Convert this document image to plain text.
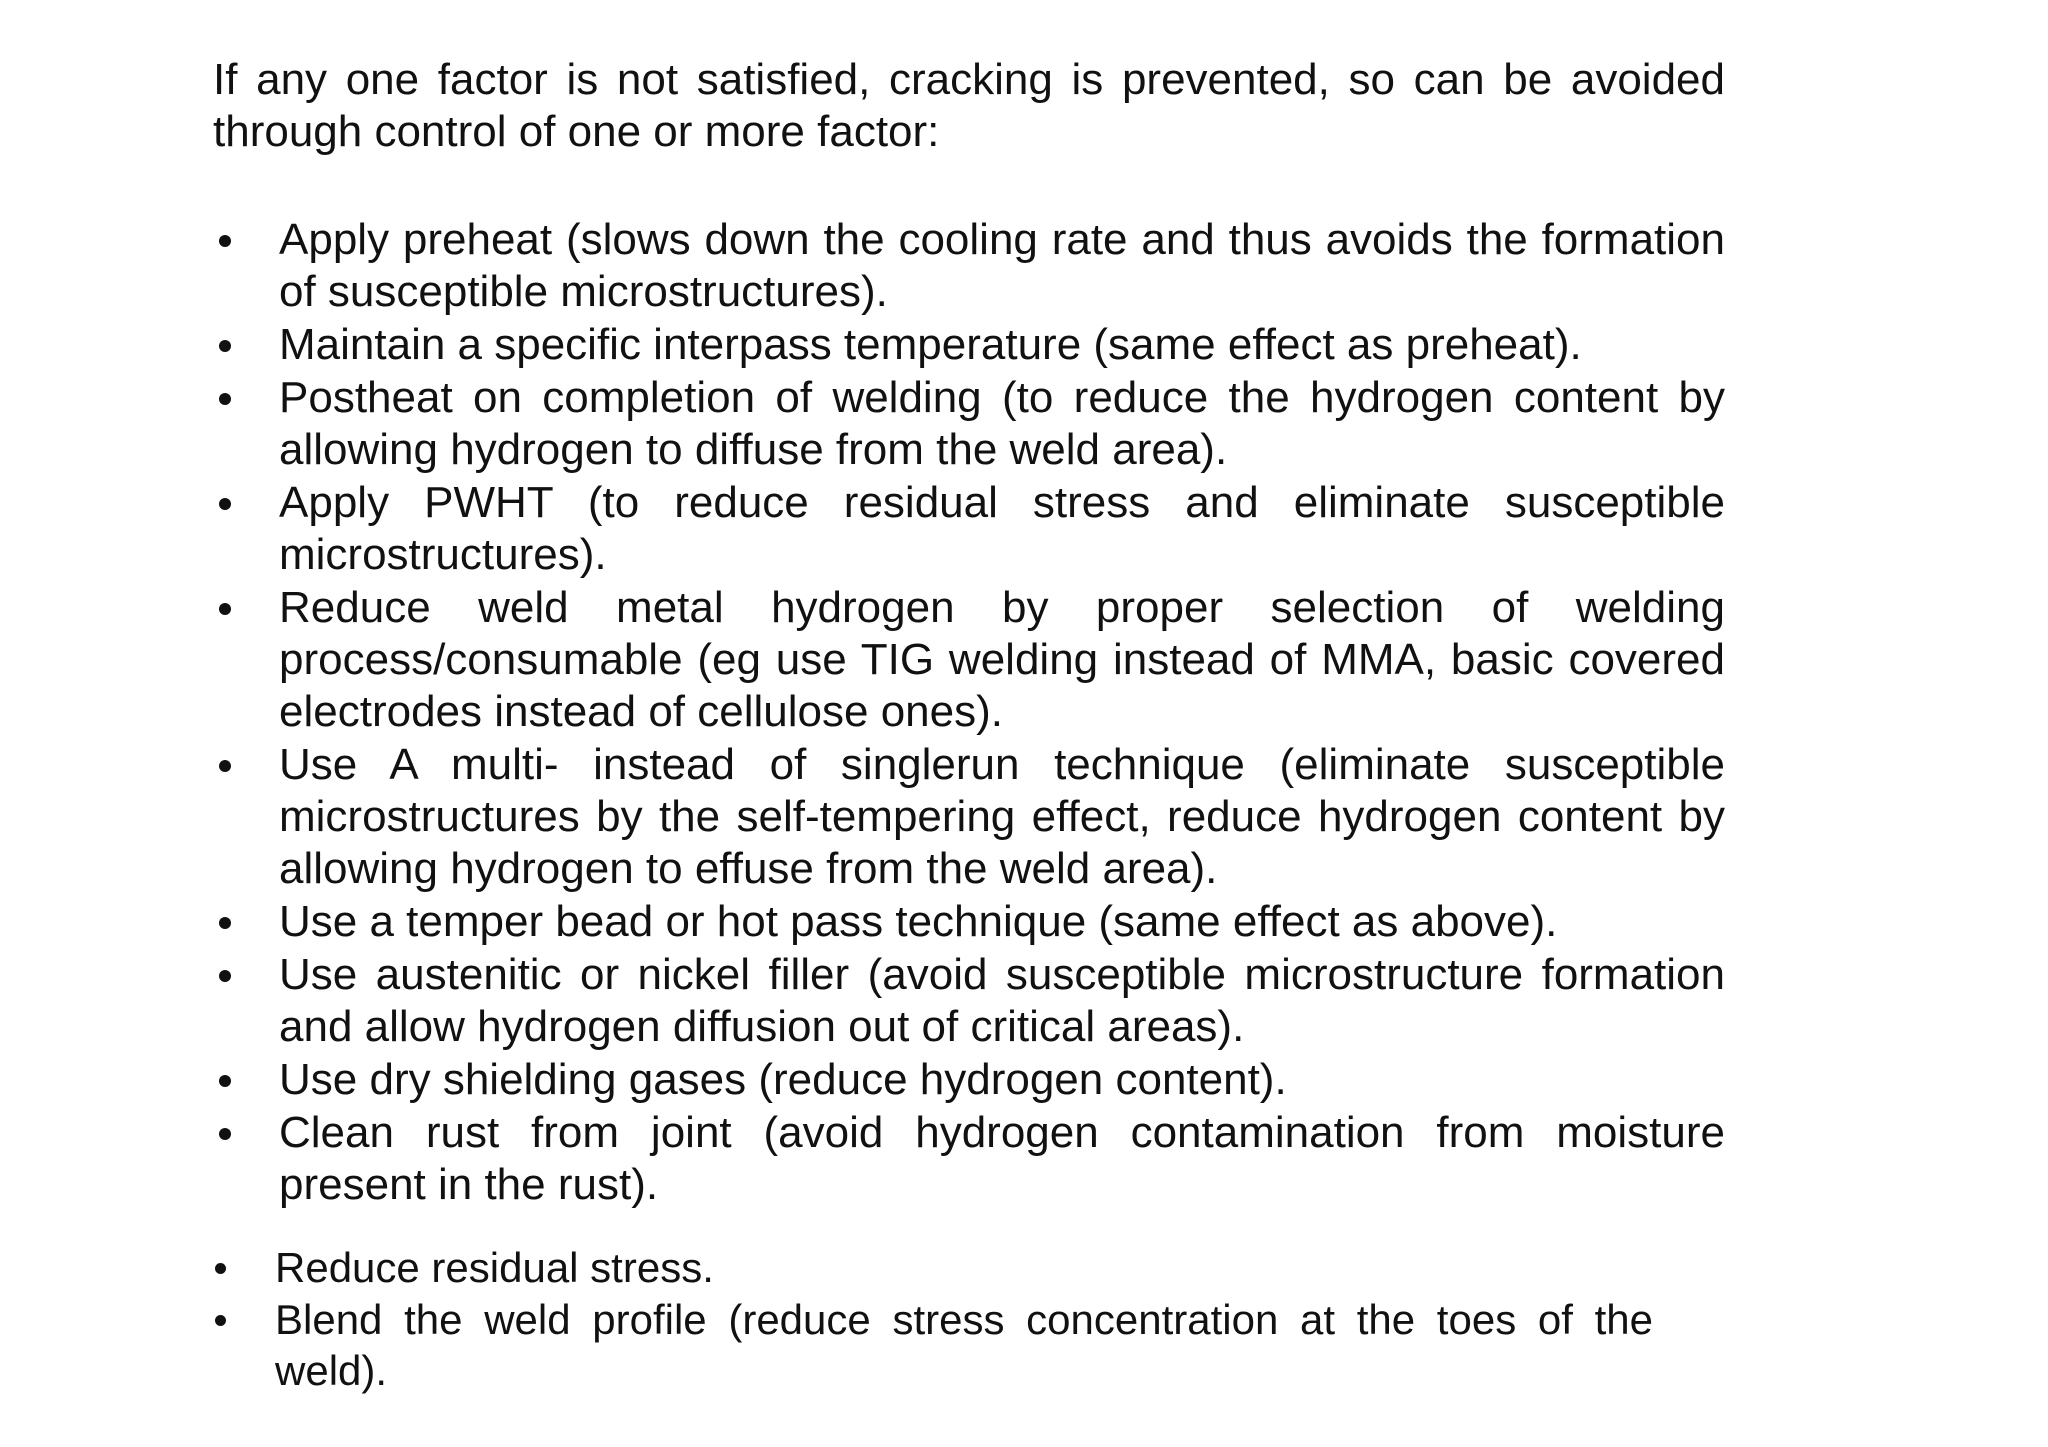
If any one factor is not satisfied, cracking is prevented, so can be avoided through control of one or more factor:

Apply preheat (slows down the cooling rate and thus avoids the formation of susceptible microstructures).
Maintain a specific interpass temperature (same effect as preheat).
Postheat on completion of welding (to reduce the hydrogen content by allowing hydrogen to diffuse from the weld area).
Apply PWHT (to reduce residual stress and eliminate susceptible microstructures).
Reduce weld metal hydrogen by proper selection of welding process/consumable (eg use TIG welding instead of MMA, basic covered electrodes instead of cellulose ones).
Use A multi- instead of singlerun technique (eliminate susceptible microstructures by the self-tempering effect, reduce hydrogen content by allowing hydrogen to effuse from the weld area).
Use a temper bead or hot pass technique (same effect as above).
Use austenitic or nickel filler (avoid susceptible microstructure formation and allow hydrogen diffusion out of critical areas).
Use dry shielding gases (reduce hydrogen content).
Clean rust from joint (avoid hydrogen contamination from moisture present in the rust).
Reduce residual stress.
Blend the weld profile (reduce stress concentration at the toes of the weld).
